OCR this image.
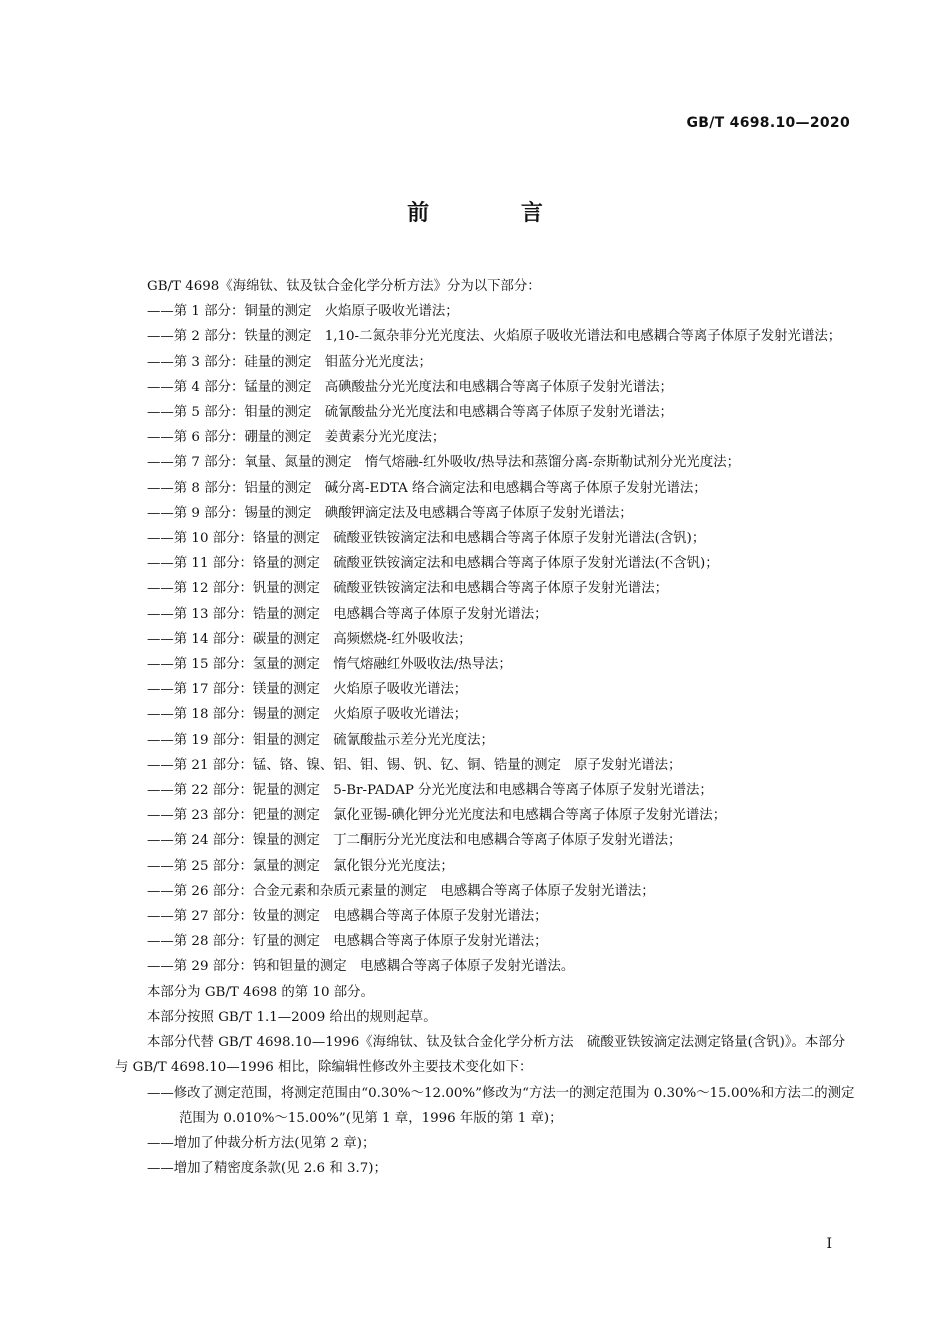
GB/T 4698.10—2020
前 言

GB/T 4698《海绵钛、钛及钛合金化学分析方法》分为以下部分：

——第 1 部分：铜量的测定　火焰原子吸收光谱法；

——第 2 部分：铁量的测定　1,10-二氮杂菲分光光度法、火焰原子吸收光谱法和电感耦合等离子体原子发射光谱法；

——第 3 部分：硅量的测定　钼蓝分光光度法；

——第 4 部分：锰量的测定　高碘酸盐分光光度法和电感耦合等离子体原子发射光谱法；

——第 5 部分：钼量的测定　硫氰酸盐分光光度法和电感耦合等离子体原子发射光谱法；

——第 6 部分：硼量的测定　姜黄素分光光度法；

——第 7 部分：氧量、氮量的测定　惰气熔融-红外吸收/热导法和蒸馏分离-奈斯勒试剂分光光度法；

——第 8 部分：铝量的测定　碱分离-EDTA 络合滴定法和电感耦合等离子体原子发射光谱法；

——第 9 部分：锡量的测定　碘酸钾滴定法及电感耦合等离子体原子发射光谱法；

——第 10 部分：铬量的测定　硫酸亚铁铵滴定法和电感耦合等离子体原子发射光谱法(含钒)；

——第 11 部分：铬量的测定　硫酸亚铁铵滴定法和电感耦合等离子体原子发射光谱法(不含钒)；

——第 12 部分：钒量的测定　硫酸亚铁铵滴定法和电感耦合等离子体原子发射光谱法；

——第 13 部分：锆量的测定　电感耦合等离子体原子发射光谱法；

——第 14 部分：碳量的测定　高频燃烧-红外吸收法；

——第 15 部分：氢量的测定　惰气熔融红外吸收法/热导法；

——第 17 部分：镁量的测定　火焰原子吸收光谱法；

——第 18 部分：锡量的测定　火焰原子吸收光谱法；

——第 19 部分：钼量的测定　硫氰酸盐示差分光光度法；

——第 21 部分：锰、铬、镍、铝、钼、锡、钒、钇、铜、锆量的测定　原子发射光谱法；

——第 22 部分：铌量的测定　5-Br-PADAP 分光光度法和电感耦合等离子体原子发射光谱法；

——第 23 部分：钯量的测定　氯化亚锡-碘化钾分光光度法和电感耦合等离子体原子发射光谱法；

——第 24 部分：镍量的测定　丁二酮肟分光光度法和电感耦合等离子体原子发射光谱法；

——第 25 部分：氯量的测定　氯化银分光光度法；

——第 26 部分：合金元素和杂质元素量的测定　电感耦合等离子体原子发射光谱法；

——第 27 部分：钕量的测定　电感耦合等离子体原子发射光谱法；

——第 28 部分：钌量的测定　电感耦合等离子体原子发射光谱法；

——第 29 部分：钨和钽量的测定　电感耦合等离子体原子发射光谱法。

本部分为 GB/T 4698 的第 10 部分。

本部分按照 GB/T 1.1—2009 给出的规则起草。

本部分代替 GB/T 4698.10—1996《海绵钛、钛及钛合金化学分析方法　硫酸亚铁铵滴定法测定铬量(含钒)》。本部分与 GB/T 4698.10—1996 相比，除编辑性修改外主要技术变化如下：

——修改了测定范围，将测定范围由“0.30%～12.00%”修改为“方法一的测定范围为 0.30%～15.00%和方法二的测定范围为 0.010%～15.00%”(见第 1 章，1996 年版的第 1 章)；

——增加了仲裁分析方法(见第 2 章)；

——增加了精密度条款(见 2.6 和 3.7)；

I
